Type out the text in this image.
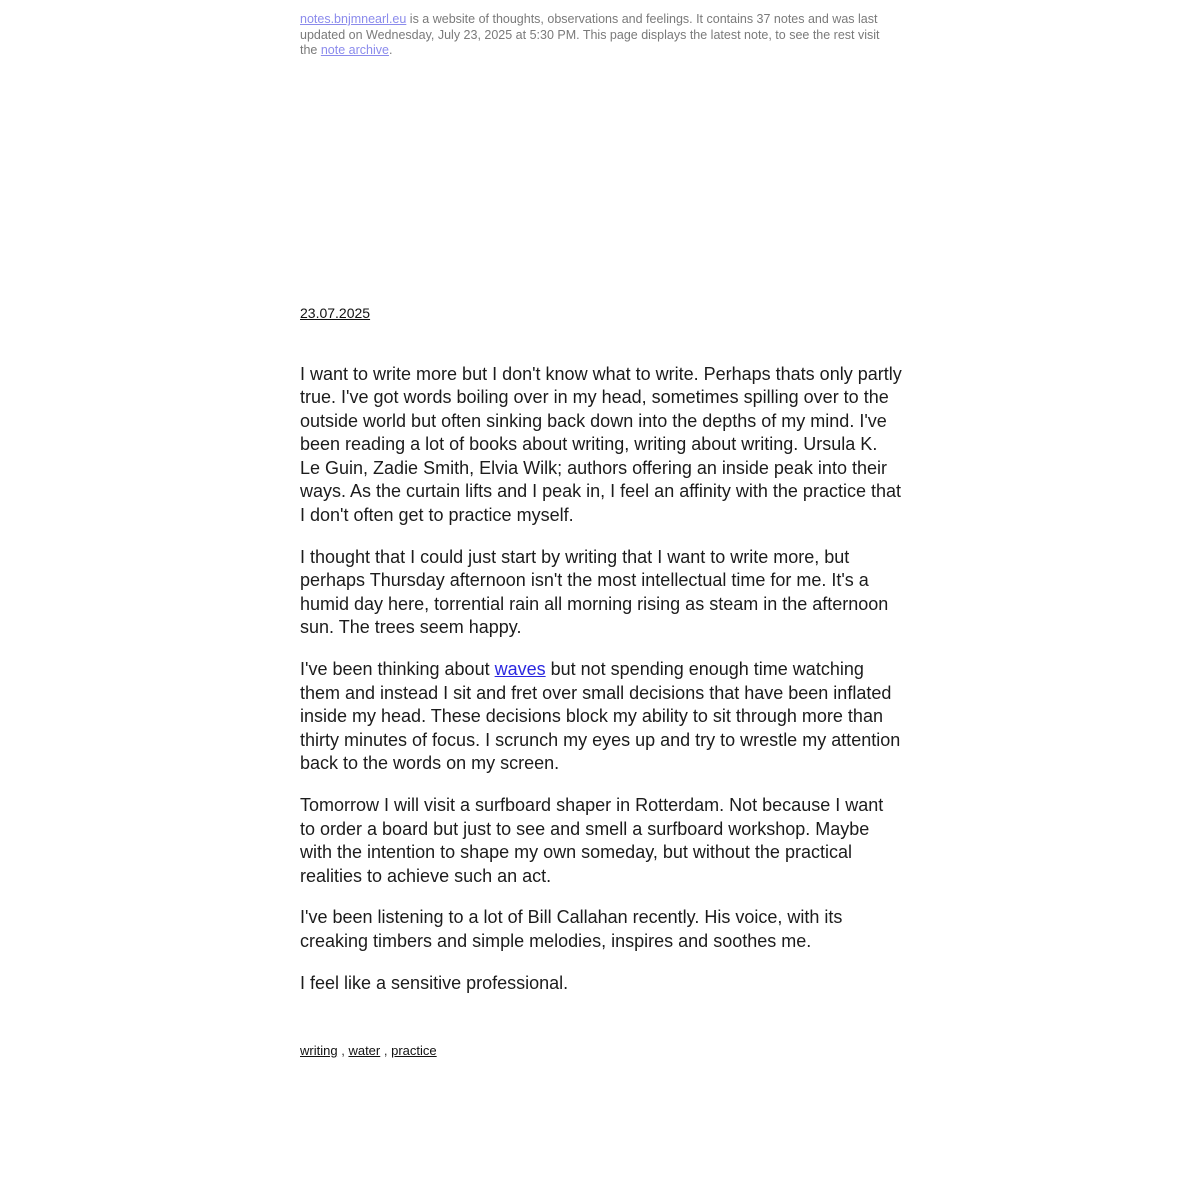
notes.bnjmnearl.eu is a website of thoughts, observations and feelings. It contains 37 notes and was last updated on Wednesday, July 23, 2025 at 5:30 PM. This page displays the latest note, to see the rest visit the note archive.

23.07.2025

I want to write more but I don't know what to write. Perhaps thats only partly true. I've got words boiling over in my head, sometimes spilling over to the outside world but often sinking back down into the depths of my mind. I've been reading a lot of books about writing, writing about writing. Ursula K. Le Guin, Zadie Smith, Elvia Wilk; authors offering an inside peak into their ways. As the curtain lifts and I peak in, I feel an affinity with the practice that I don't often get to practice myself.

I thought that I could just start by writing that I want to write more, but perhaps Thursday afternoon isn't the most intellectual time for me. It's a humid day here, torrential rain all morning rising as steam in the afternoon sun. The trees seem happy.

I've been thinking about waves but not spending enough time watching them and instead I sit and fret over small decisions that have been inflated inside my head. These decisions block my ability to sit through more than thirty minutes of focus. I scrunch my eyes up and try to wrestle my attention back to the words on my screen.

Tomorrow I will visit a surfboard shaper in Rotterdam. Not because I want to order a board but just to see and smell a surfboard workshop. Maybe with the intention to shape my own someday, but without the practical realities to achieve such an act.

I've been listening to a lot of Bill Callahan recently. His voice, with its creaking timbers and simple melodies, inspires and soothes me.

I feel like a sensitive professional.

writing , water , practice
